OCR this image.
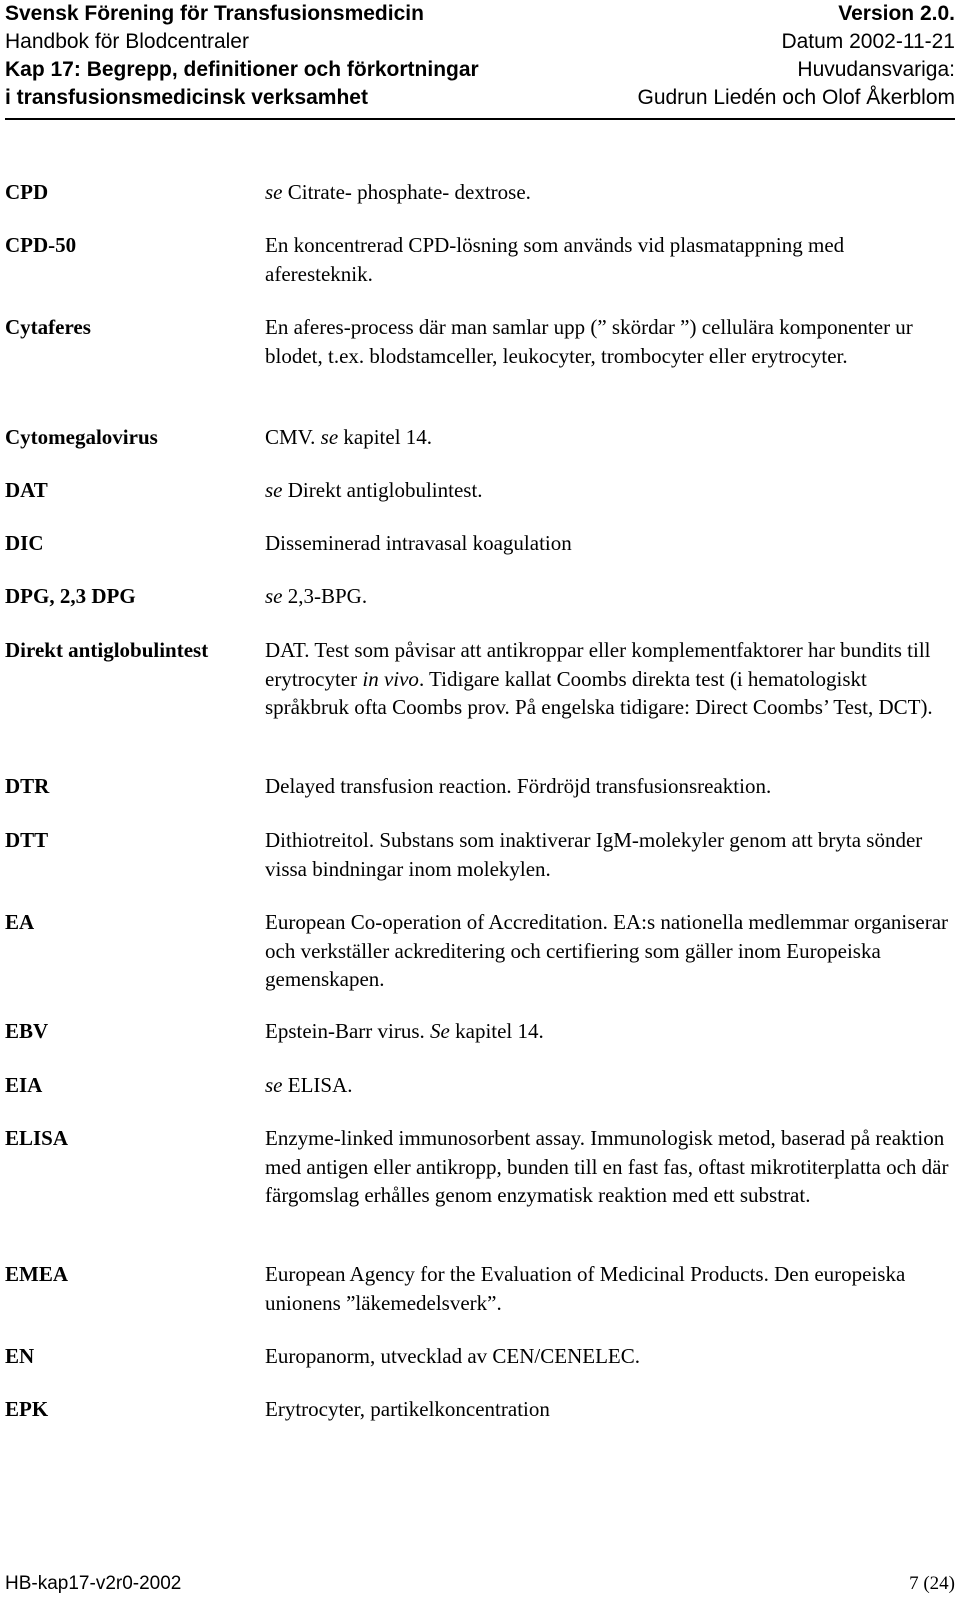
Svensk Förening för Transfusionsmedicin	Version 2.0.
Handbok för Blodcentraler	Datum 2002-11-21
Kap 17: Begrepp, definitioner och förkortningar	Huvudansvariga:
i transfusionsmedicinsk verksamhet	Gudrun Liedén och Olof Åkerblom
CPD	se Citrate- phosphate- dextrose.
CPD-50	En koncentrerad CPD-lösning som används vid plasmatappning med aferesteknik.
Cytaferes	En aferes-process där man samlar upp (” skördar ”) cellulära komponenter ur blodet, t.ex. blodstamceller, leukocyter, trombocyter eller erytrocyter.
Cytomegalovirus	CMV. se kapitel 14.
DAT	se Direkt antiglobulintest.
DIC	Disseminerad intravasal koagulation
DPG, 2,3 DPG	se 2,3-BPG.
Direkt antiglobulintest	DAT. Test som påvisar att antikroppar eller komplementfaktorer har bundits till erytrocyter in vivo. Tidigare kallat Coombs direkta test (i hematologiskt språkbruk ofta Coombs prov. På engelska tidigare: Direct Coombs’ Test, DCT).
DTR	Delayed transfusion reaction. Fördröjd transfusionsreaktion.
DTT	Dithiotreitol. Substans som inaktiverar IgM-molekyler genom att bryta sönder vissa bindningar inom molekylen.
EA	European Co-operation of Accreditation. EA:s nationella medlemmar organiserar och verkställer ackreditering och certifiering som gäller inom Europeiska gemenskapen.
EBV	Epstein-Barr virus. Se kapitel 14.
EIA	se ELISA.
ELISA	Enzyme-linked immunosorbent assay. Immunologisk metod, baserad på reaktion med antigen eller antikropp, bunden till en fast fas, oftast mikrotiterplatta och där färgomslag erhålles genom enzymatisk reaktion med ett substrat.
EMEA	European Agency for the Evaluation of Medicinal Products. Den europeiska unionens ”läkemedelsverk”.
EN	Europanorm, utvecklad av CEN/CENELEC.
EPK	Erytrocyter, partikelkoncentration
HB-kap17-v2r0-2002	7 (24)
